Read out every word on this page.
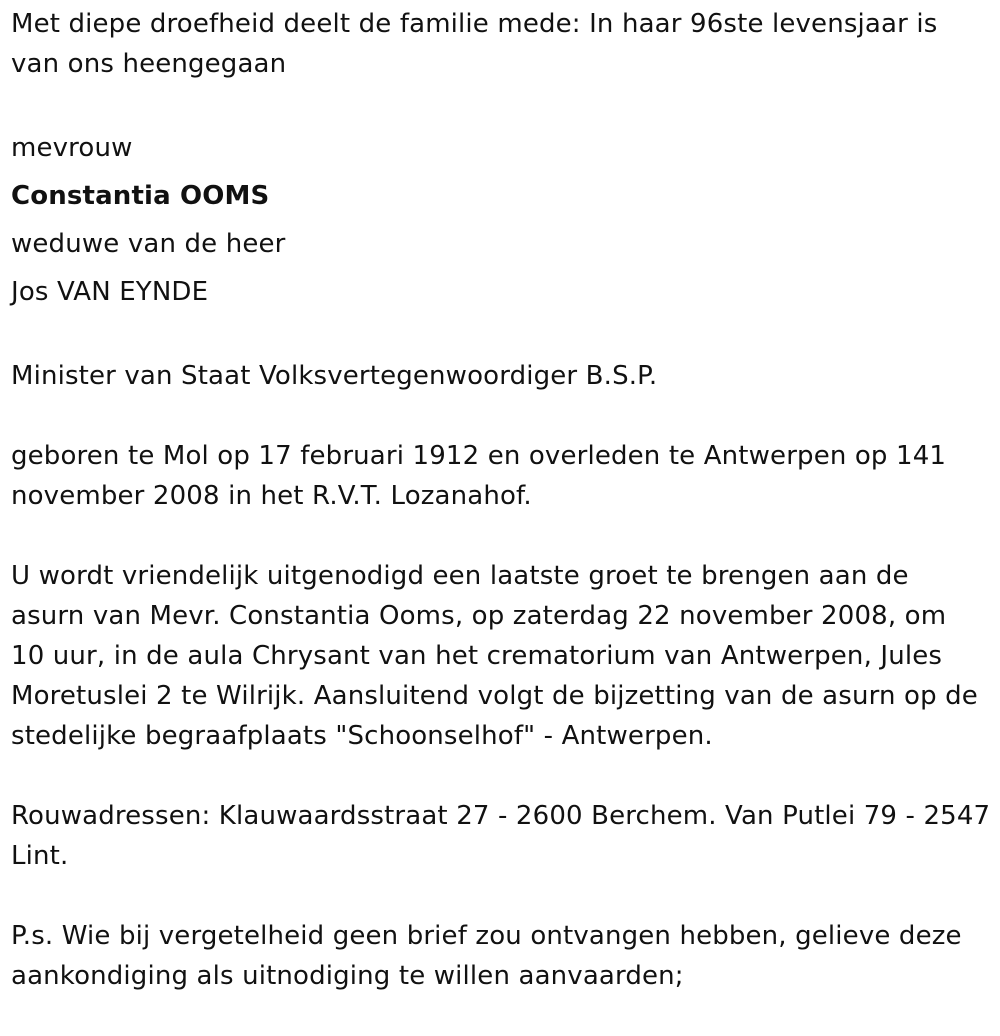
Met diepe droefheid deelt de familie mede: In haar 96ste levensjaar is

van ons heengegaan

mevrouw

Constantia OOMS

weduwe van de heer

Jos VAN EYNDE

Minister van Staat Volksvertegenwoordiger B.S.P.

geboren te Mol op 17 februari 1912 en overleden te Antwerpen op 141

november 2008 in het R.V.T. Lozanahof.

U wordt vriendelijk uitgenodigd een laatste groet te brengen aan de

asurn van Mevr. Constantia Ooms, op zaterdag 22 november 2008, om

10 uur, in de aula Chrysant van het crematorium van Antwerpen, Jules

Moretuslei 2 te Wilrijk. Aansluitend volgt de bijzetting van de asurn op de

stedelijke begraafplaats "Schoonselhof" - Antwerpen.

Rouwadressen: Klauwaardsstraat 27 - 2600 Berchem. Van Putlei 79 - 2547

Lint.

P.s. Wie bij vergetelheid geen brief zou ontvangen hebben, gelieve deze

aankondiging als uitnodiging te willen aanvaarden;
